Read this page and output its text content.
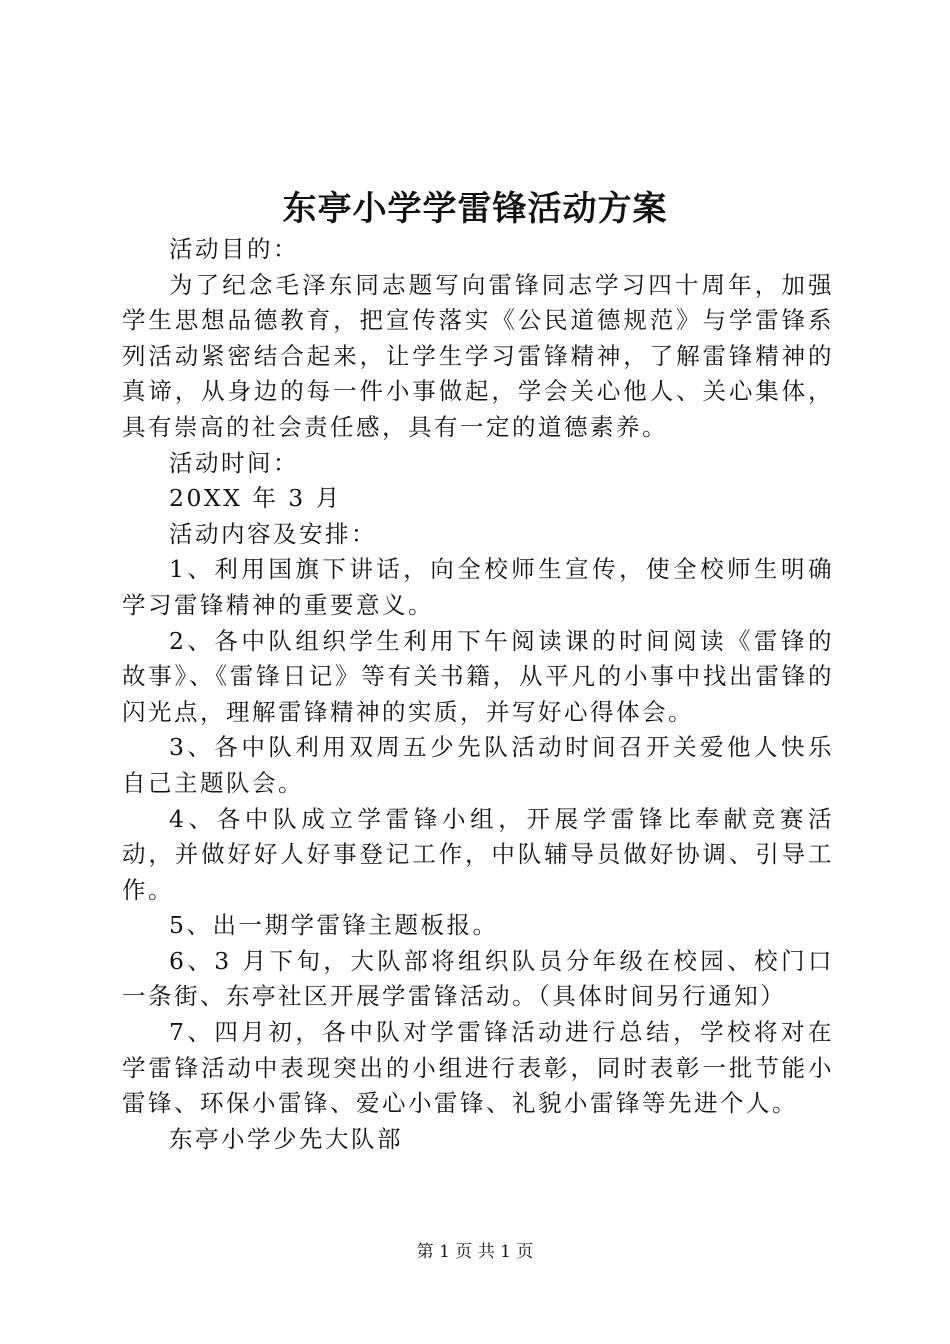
东亭小学学雷锋活动方案

活动目的：

为了纪念毛泽东同志题写向雷锋同志学习四十周年，加强学生思想品德教育，把宣传落实《公民道德规范》与学雷锋系列活动紧密结合起来，让学生学习雷锋精神，了解雷锋精神的真谛，从身边的每一件小事做起，学会关心他人、关心集体，具有崇高的社会责任感，具有一定的道德素养。

活动时间：

20XX 年 3 月

活动内容及安排：

1、利用国旗下讲话，向全校师生宣传，使全校师生明确学习雷锋精神的重要意义。

2、各中队组织学生利用下午阅读课的时间阅读《雷锋的故事》、《雷锋日记》等有关书籍，从平凡的小事中找出雷锋的闪光点，理解雷锋精神的实质，并写好心得体会。

3、各中队利用双周五少先队活动时间召开关爱他人快乐自己主题队会。

4、各中队成立学雷锋小组，开展学雷锋比奉献竞赛活动，并做好好人好事登记工作，中队辅导员做好协调、引导工作。

5、出一期学雷锋主题板报。

6、3 月下旬，大队部将组织队员分年级在校园、校门口一条街、东亭社区开展学雷锋活动。（具体时间另行通知）

7、四月初，各中队对学雷锋活动进行总结，学校将对在学雷锋活动中表现突出的小组进行表彰，同时表彰一批节能小雷锋、环保小雷锋、爱心小雷锋、礼貌小雷锋等先进个人。

东亭小学少先大队部

第 1 页 共 1 页
